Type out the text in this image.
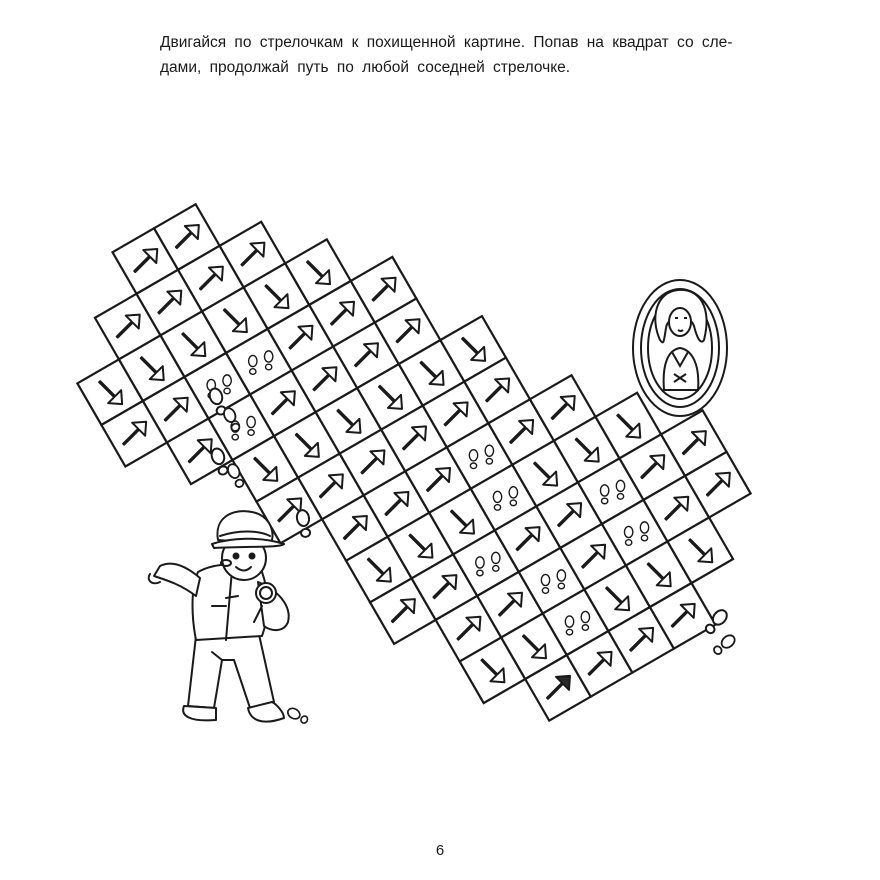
Двигайся по стрелочкам к похищенной картине. Попав на квадрат со сле-
дами, продолжай путь по любой соседней стрелочке.

6
